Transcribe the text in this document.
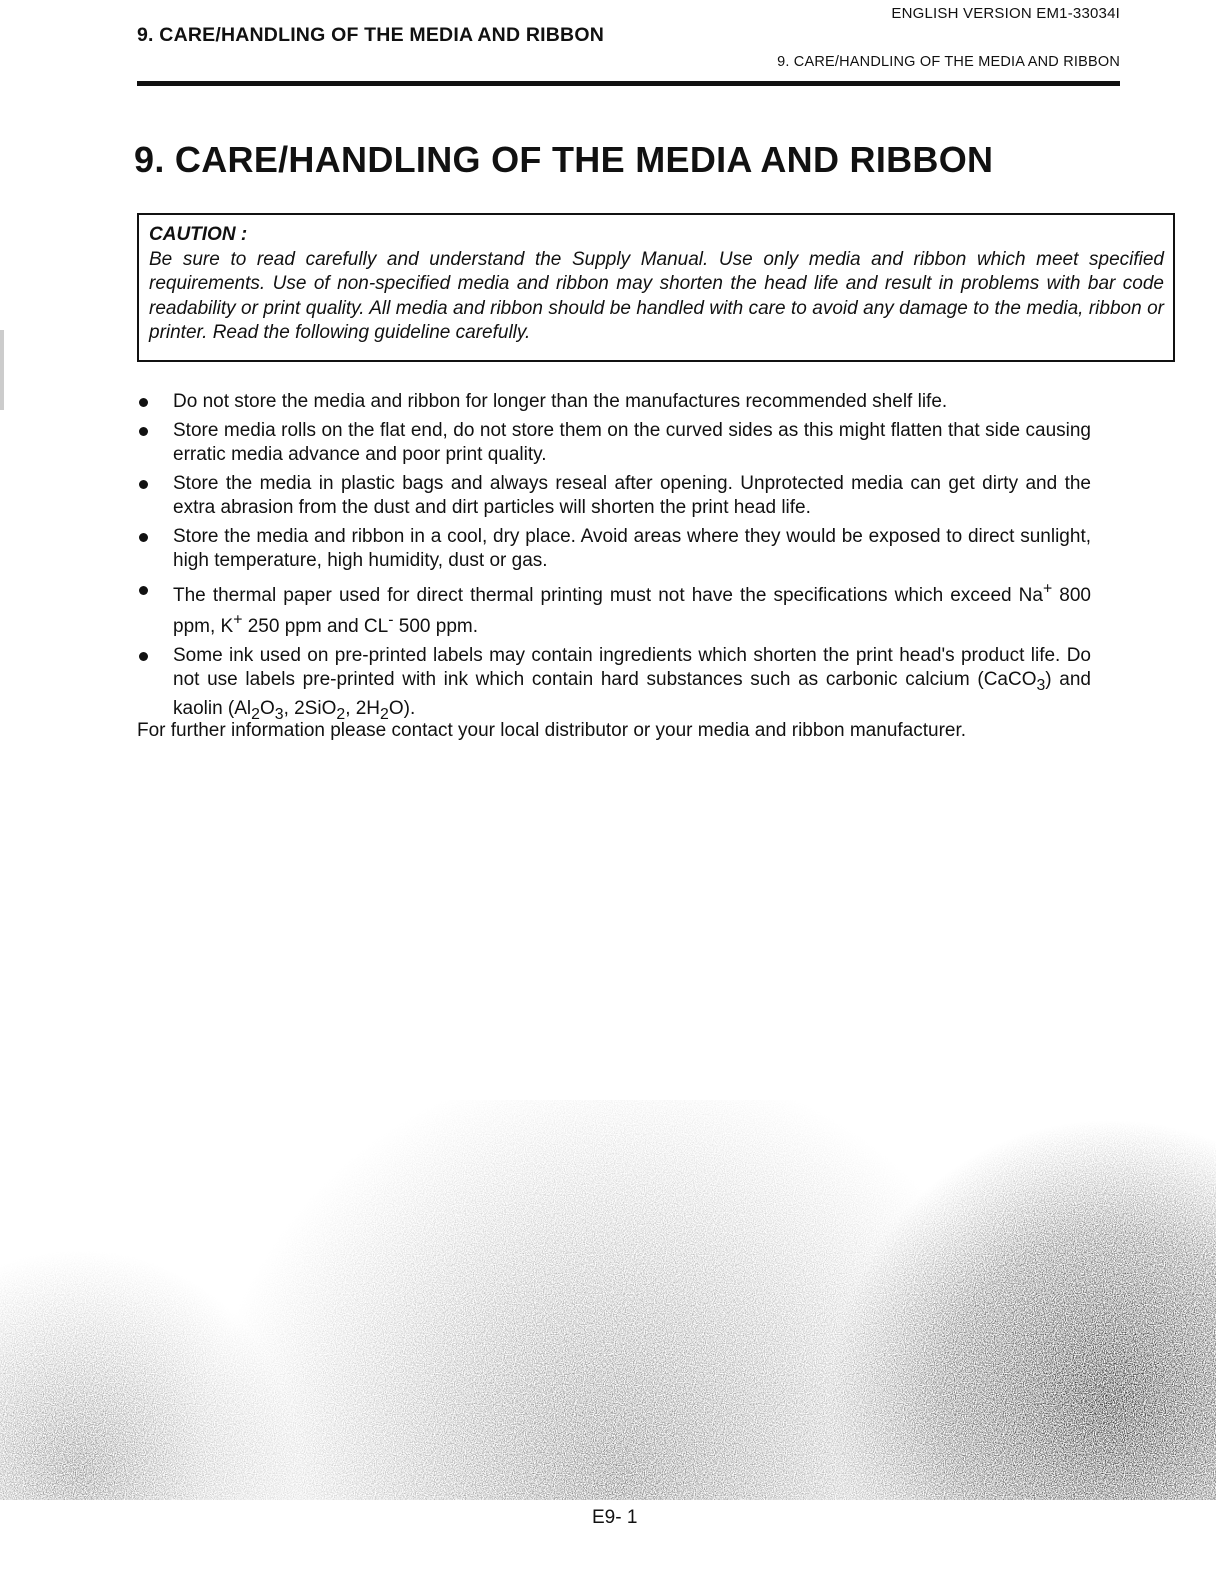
9. CARE/HANDLING OF THE MEDIA AND RIBBON
ENGLISH VERSION EM1-33034I
9. CARE/HANDLING OF THE MEDIA AND RIBBON
9. CARE/HANDLING OF THE MEDIA AND RIBBON
CAUTION :
Be sure to read carefully and understand the Supply Manual. Use only media and ribbon which meet specified requirements. Use of non-specified media and ribbon may shorten the head life and result in problems with bar code readability or print quality. All media and ribbon should be handled with care to avoid any damage to the media, ribbon or printer. Read the following guideline carefully.
Do not store the media and ribbon for longer than the manufactures recommended shelf life.
Store media rolls on the flat end, do not store them on the curved sides as this might flatten that side causing erratic media advance and poor print quality.
Store the media in plastic bags and always reseal after opening. Unprotected media can get dirty and the extra abrasion from the dust and dirt particles will shorten the print head life.
Store the media and ribbon in a cool, dry place. Avoid areas where they would be exposed to direct sunlight, high temperature, high humidity, dust or gas.
The thermal paper used for direct thermal printing must not have the specifications which exceed Na+ 800 ppm, K+ 250 ppm and CL- 500 ppm.
Some ink used on pre-printed labels may contain ingredients which shorten the print head's product life. Do not use labels pre-printed with ink which contain hard substances such as carbonic calcium (CaCO$_3$) and kaolin ($Al_2O_3$, 2SiO$_2$, $2H_2O$).
For further information please contact your local distributor or your media and ribbon manufacturer.
E9- 1
